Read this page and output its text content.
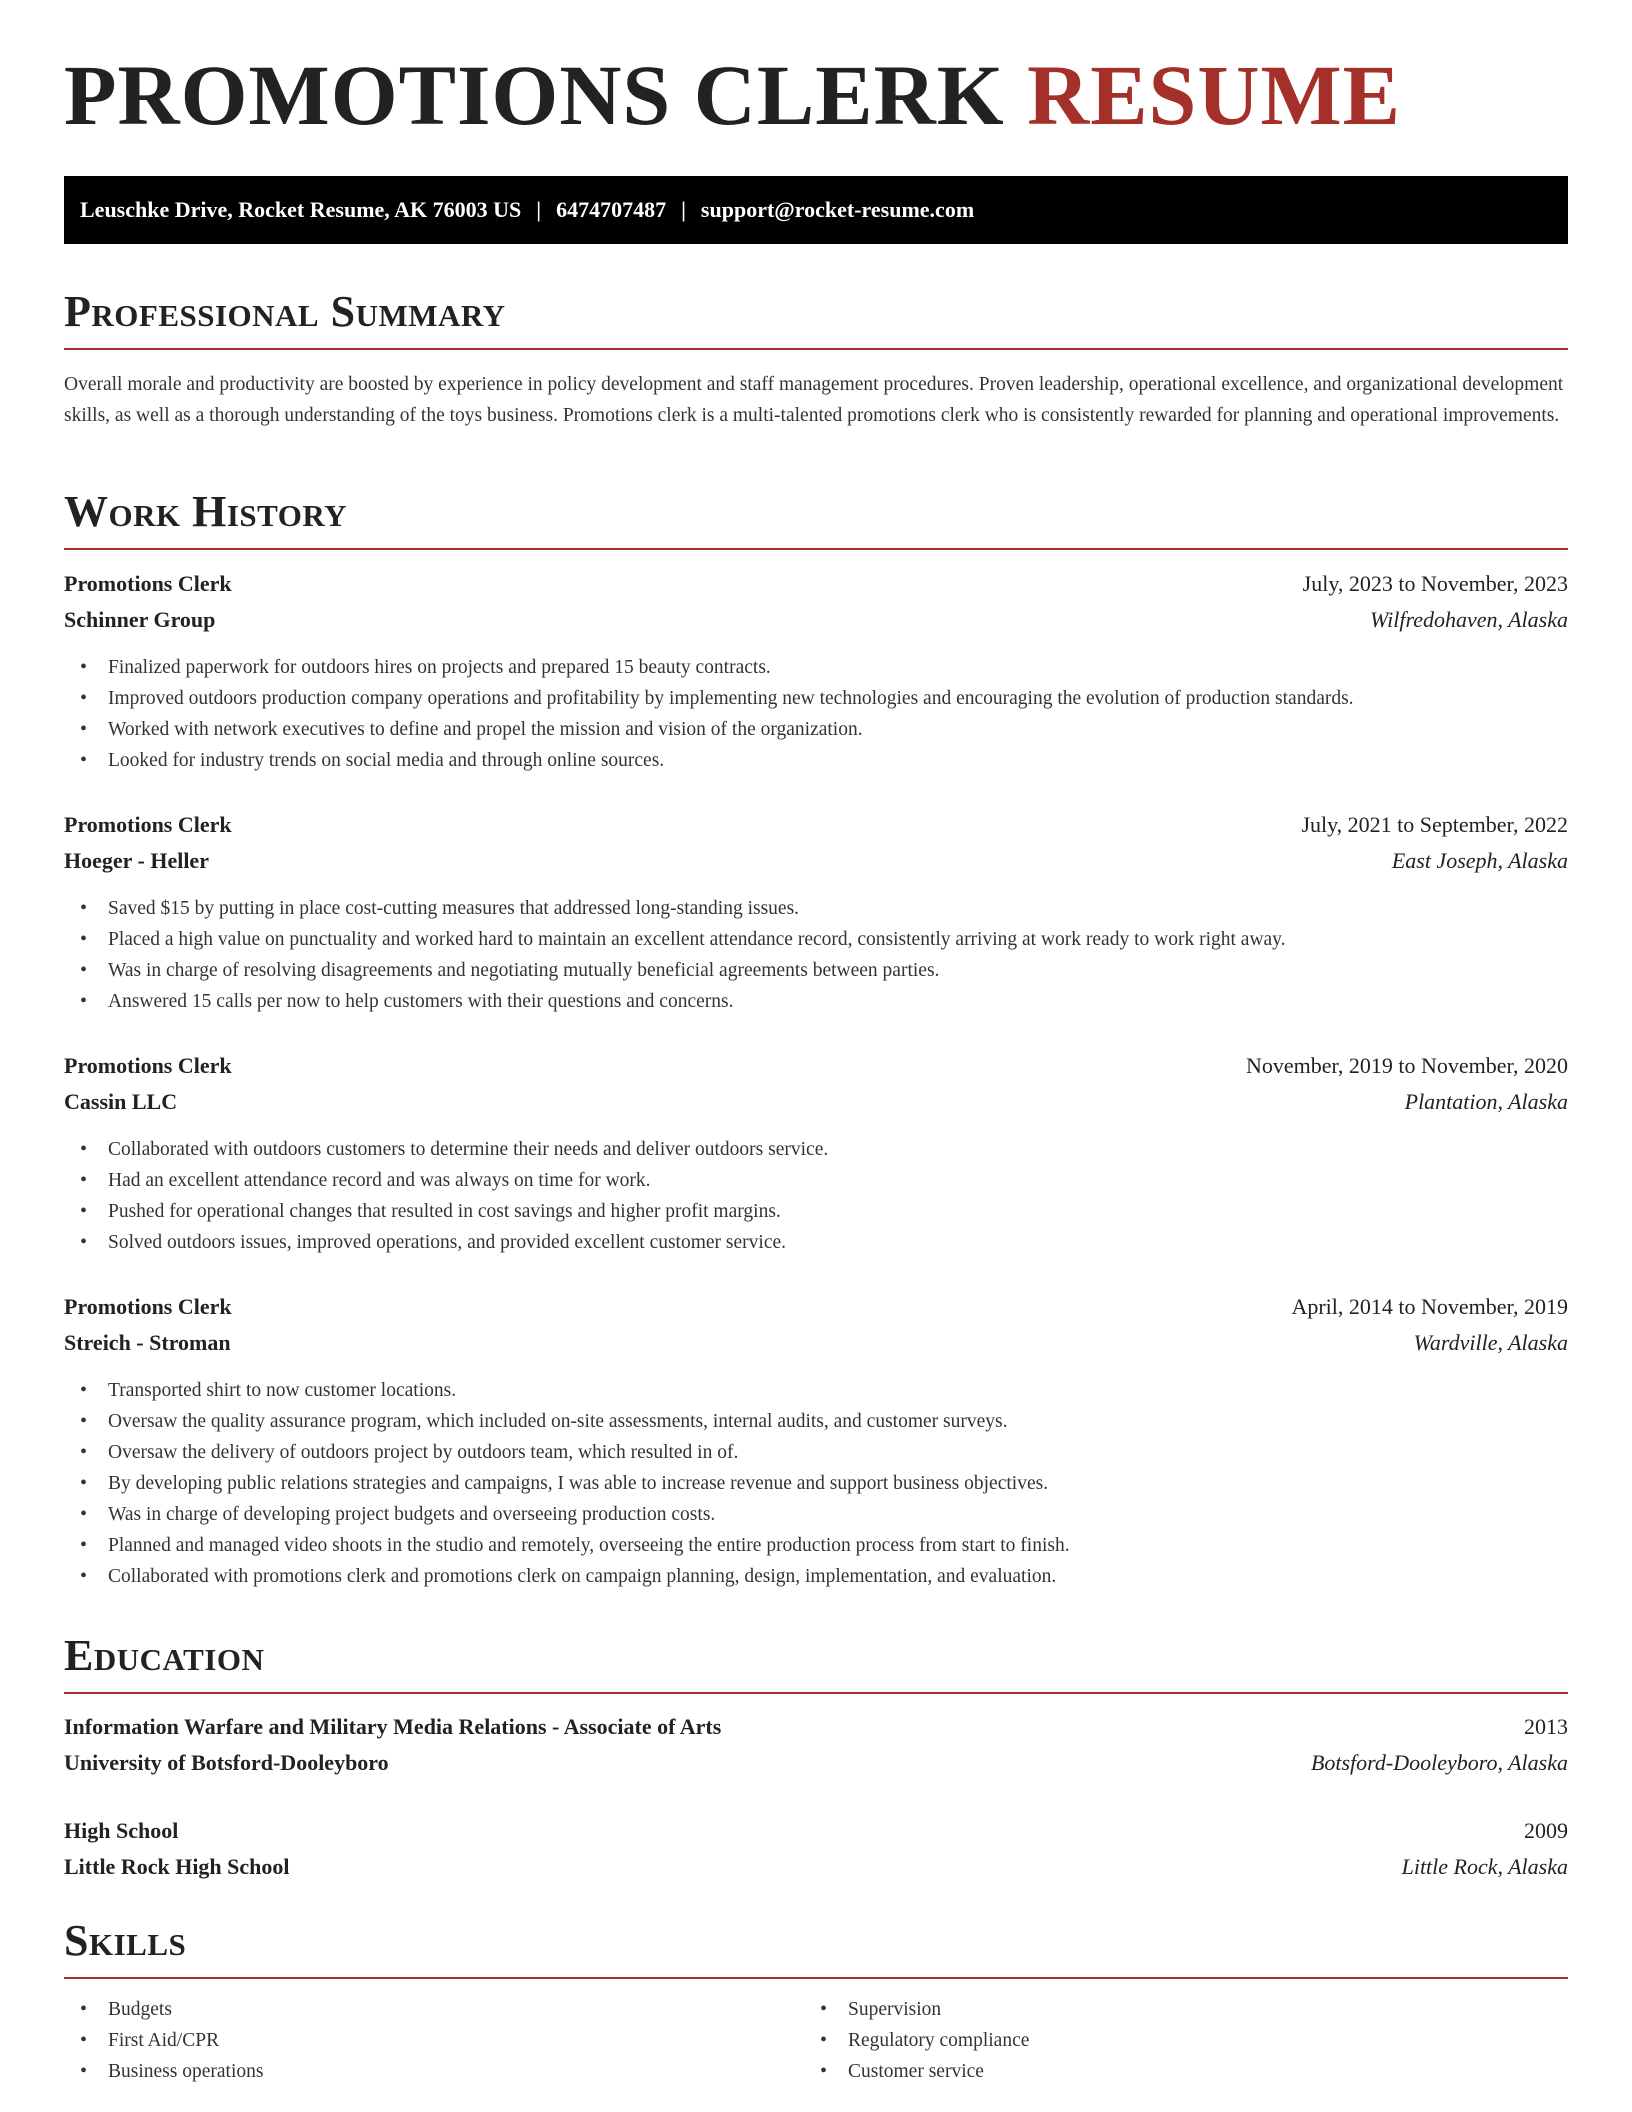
PROMOTIONS CLERK RESUME
Leuschke Drive, Rocket Resume, AK 76003 US | 6474707487 | support@rocket-resume.com
Professional Summary

Overall morale and productivity are boosted by experience in policy development and staff management procedures. Proven leadership, operational excellence, and organizational development skills, as well as a thorough understanding of the toys business. Promotions clerk is a multi-talented promotions clerk who is consistently rewarded for planning and operational improvements.

Work History
Promotions Clerk	July, 2023 to November, 2023
Schinner Group	Wilfredohaven, Alaska
• Finalized paperwork for outdoors hires on projects and prepared 15 beauty contracts.
• Improved outdoors production company operations and profitability by implementing new technologies and encouraging the evolution of production standards.
• Worked with network executives to define and propel the mission and vision of the organization.
• Looked for industry trends on social media and through online sources.
Promotions Clerk	July, 2021 to September, 2022
Hoeger - Heller	East Joseph, Alaska
• Saved $15 by putting in place cost-cutting measures that addressed long-standing issues.
• Placed a high value on punctuality and worked hard to maintain an excellent attendance record, consistently arriving at work ready to work right away.
• Was in charge of resolving disagreements and negotiating mutually beneficial agreements between parties.
• Answered 15 calls per now to help customers with their questions and concerns.
Promotions Clerk	November, 2019 to November, 2020
Cassin LLC	Plantation, Alaska
• Collaborated with outdoors customers to determine their needs and deliver outdoors service.
• Had an excellent attendance record and was always on time for work.
• Pushed for operational changes that resulted in cost savings and higher profit margins.
• Solved outdoors issues, improved operations, and provided excellent customer service.
Promotions Clerk	April, 2014 to November, 2019
Streich - Stroman	Wardville, Alaska
• Transported shirt to now customer locations.
• Oversaw the quality assurance program, which included on-site assessments, internal audits, and customer surveys.
• Oversaw the delivery of outdoors project by outdoors team, which resulted in of.
• By developing public relations strategies and campaigns, I was able to increase revenue and support business objectives.
• Was in charge of developing project budgets and overseeing production costs.
• Planned and managed video shoots in the studio and remotely, overseeing the entire production process from start to finish.
• Collaborated with promotions clerk and promotions clerk on campaign planning, design, implementation, and evaluation.
Education
Information Warfare and Military Media Relations - Associate of Arts	2013
University of Botsford-Dooleyboro	Botsford-Dooleyboro, Alaska
High School	2009
Little Rock High School	Little Rock, Alaska
Skills
• Budgets
• First Aid/CPR
• Business operations
• Supervision
• Regulatory compliance
• Customer service
